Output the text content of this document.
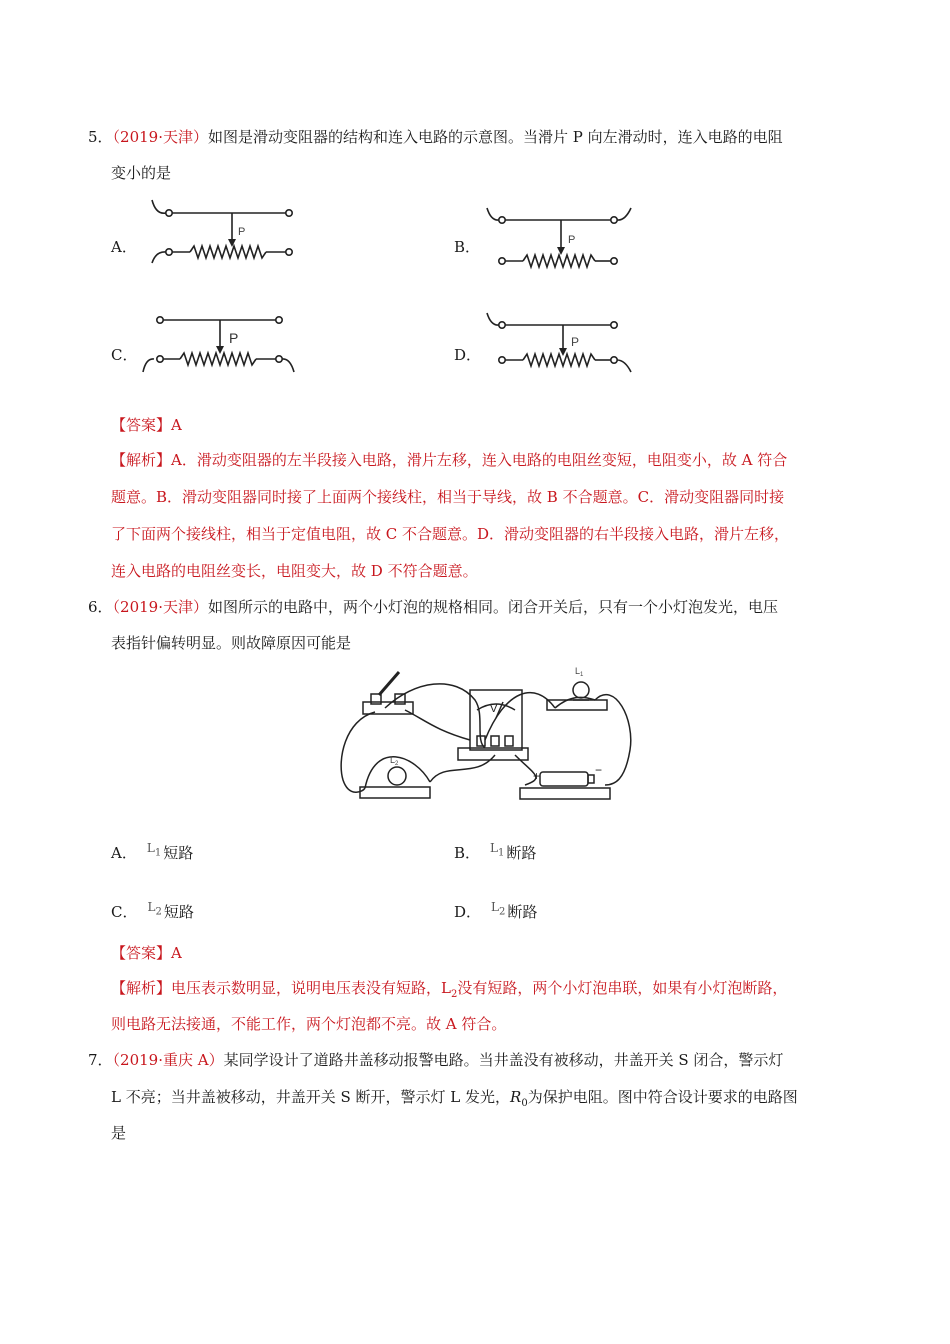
5．（2019·天津）如图是滑动变阻器的结构和连入电路的示意图。当滑片 P 向左滑动时，连入电路的电阻
变小的是
A．
P
B．	P
C．
P
D．
P
【答案】A
【解析】A．滑动变阻器的左半段接入电路，滑片左移，连入电路的电阻丝变短，电阻变小，故 A 符合
题意。B．滑动变阻器同时接了上面两个接线柱，相当于导线，故 B 不合题意。C．滑动变阻器同时接
了下面两个接线柱，相当于定值电阻，故 C 不合题意。D．滑动变阻器的右半段接入电路，滑片左移，
连入电路的电阻丝变长，电阻变大，故 D 不符合题意。
6．（2019·天津）如图所示的电路中，两个小灯泡的规格相同。闭合开关后，只有一个小灯泡发光，电压
表指针偏转明显。则故障原因可能是
V
$L_1$
$L_2$
+	−
A． $^{L_1}$ 短路	B． $^{L_1}$ 断路
C． $^{L_2}$ 短路	D． $^{L_2}$ 断路
【答案】A
【解析】电压表示数明显，说明电压表没有短路，$L_2$没有短路，两个小灯泡串联，如果有小灯泡断路，
则电路无法接通，不能工作，两个灯泡都不亮。故 A 符合。
7．（2019·重庆 A）某同学设计了道路井盖移动报警电路。当井盖没有被移动，井盖开关 S 闭合，警示灯
L 不亮；当井盖被移动，井盖开关 S 断开，警示灯 L 发光，$R_0$为保护电阻。图中符合设计要求的电路图
是
